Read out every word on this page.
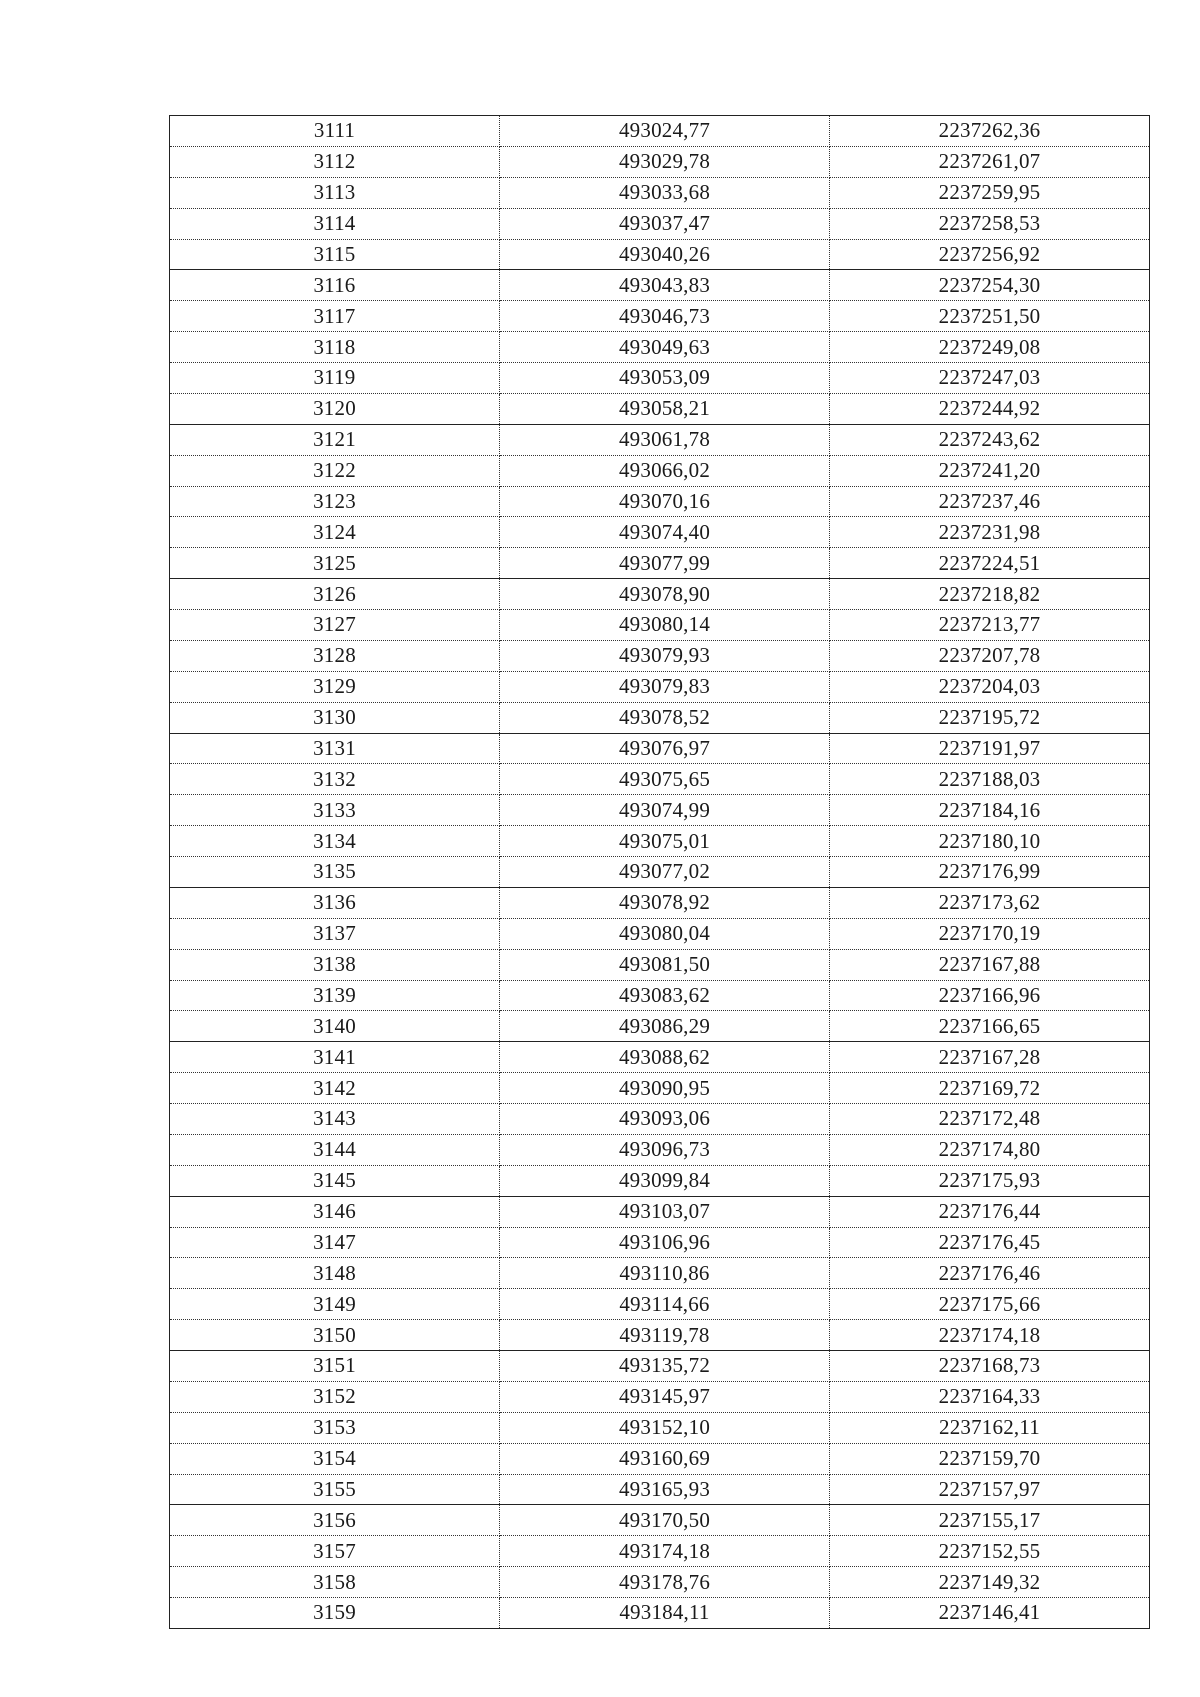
3111	493024,77	2237262,36
3112	493029,78	2237261,07
3113	493033,68	2237259,95
3114	493037,47	2237258,53
3115	493040,26	2237256,92
3116	493043,83	2237254,30
3117	493046,73	2237251,50
3118	493049,63	2237249,08
3119	493053,09	2237247,03
3120	493058,21	2237244,92
3121	493061,78	2237243,62
3122	493066,02	2237241,20
3123	493070,16	2237237,46
3124	493074,40	2237231,98
3125	493077,99	2237224,51
3126	493078,90	2237218,82
3127	493080,14	2237213,77
3128	493079,93	2237207,78
3129	493079,83	2237204,03
3130	493078,52	2237195,72
3131	493076,97	2237191,97
3132	493075,65	2237188,03
3133	493074,99	2237184,16
3134	493075,01	2237180,10
3135	493077,02	2237176,99
3136	493078,92	2237173,62
3137	493080,04	2237170,19
3138	493081,50	2237167,88
3139	493083,62	2237166,96
3140	493086,29	2237166,65
3141	493088,62	2237167,28
3142	493090,95	2237169,72
3143	493093,06	2237172,48
3144	493096,73	2237174,80
3145	493099,84	2237175,93
3146	493103,07	2237176,44
3147	493106,96	2237176,45
3148	493110,86	2237176,46
3149	493114,66	2237175,66
3150	493119,78	2237174,18
3151	493135,72	2237168,73
3152	493145,97	2237164,33
3153	493152,10	2237162,11
3154	493160,69	2237159,70
3155	493165,93	2237157,97
3156	493170,50	2237155,17
3157	493174,18	2237152,55
3158	493178,76	2237149,32
3159	493184,11	2237146,41
